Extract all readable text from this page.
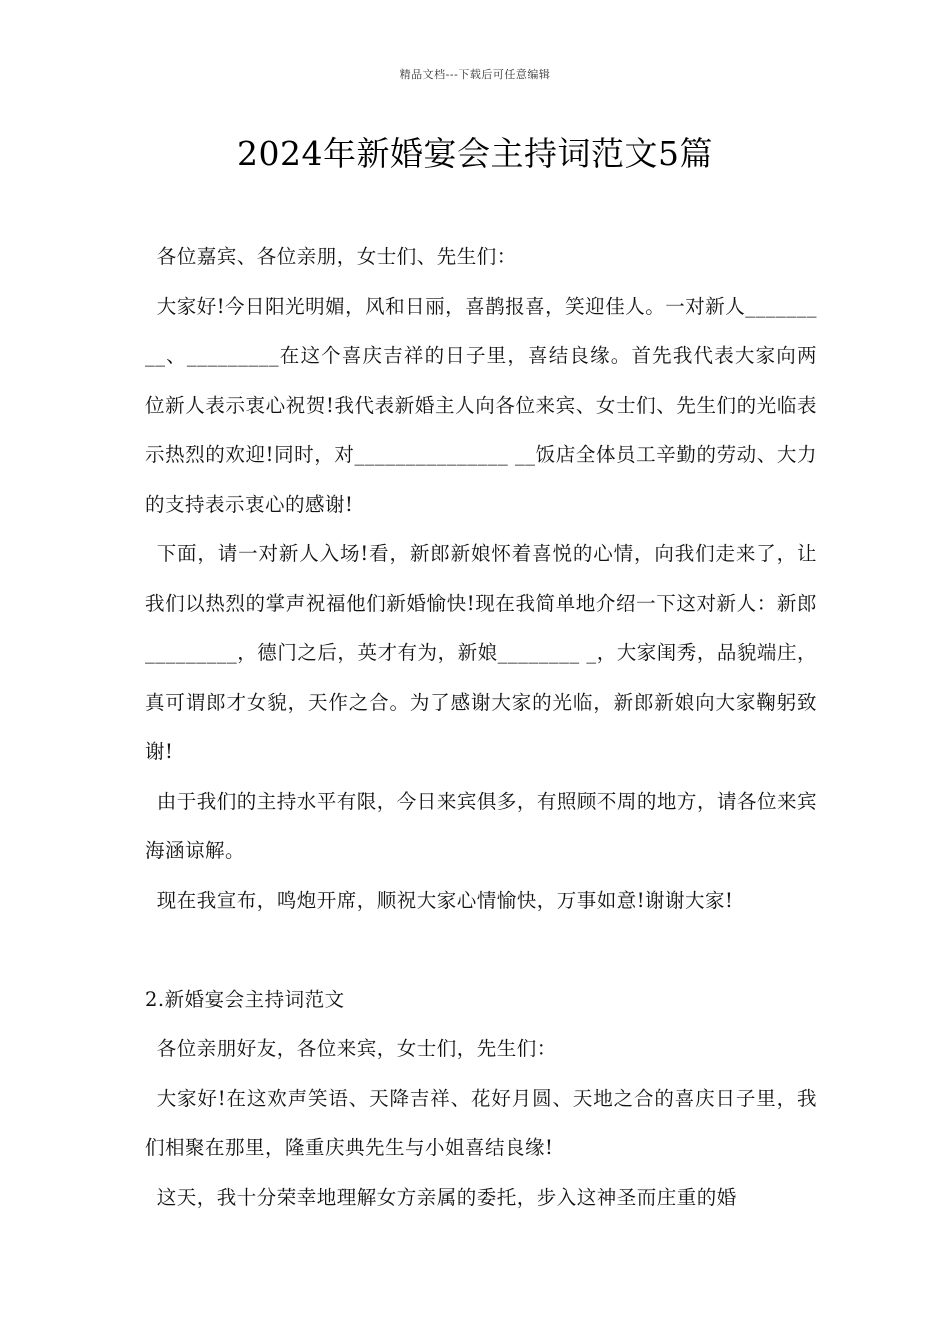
精品文档---下载后可任意编辑
2024年新婚宴会主持词范文5篇

各位嘉宾、各位亲朋，女士们、先生们：

大家好!今日阳光明媚，风和日丽，喜鹊报喜，笑迎佳人。一对新人_________、_________在这个喜庆吉祥的日子里，喜结良缘。首先我代表大家向两位新人表示衷心祝贺!我代表新婚主人向各位来宾、女士们、先生们的光临表示热烈的欢迎!同时，对_______________ __饭店全体员工辛勤的劳动、大力的支持表示衷心的感谢!

下面，请一对新人入场!看，新郎新娘怀着喜悦的心情，向我们走来了，让我们以热烈的掌声祝福他们新婚愉快!现在我简单地介绍一下这对新人：新郎_________，德门之后，英才有为，新娘________ _，大家闺秀，品貌端庄，真可谓郎才女貌，天作之合。为了感谢大家的光临，新郎新娘向大家鞠躬致谢!

由于我们的主持水平有限，今日来宾俱多，有照顾不周的地方，请各位来宾海涵谅解。

现在我宣布，鸣炮开席，顺祝大家心情愉快，万事如意!谢谢大家!

2.新婚宴会主持词范文

各位亲朋好友，各位来宾，女士们，先生们：

大家好!在这欢声笑语、天降吉祥、花好月圆、天地之合的喜庆日子里，我们相聚在那里，隆重庆典先生与小姐喜结良缘!

这天，我十分荣幸地理解女方亲属的委托，步入这神圣而庄重的婚
